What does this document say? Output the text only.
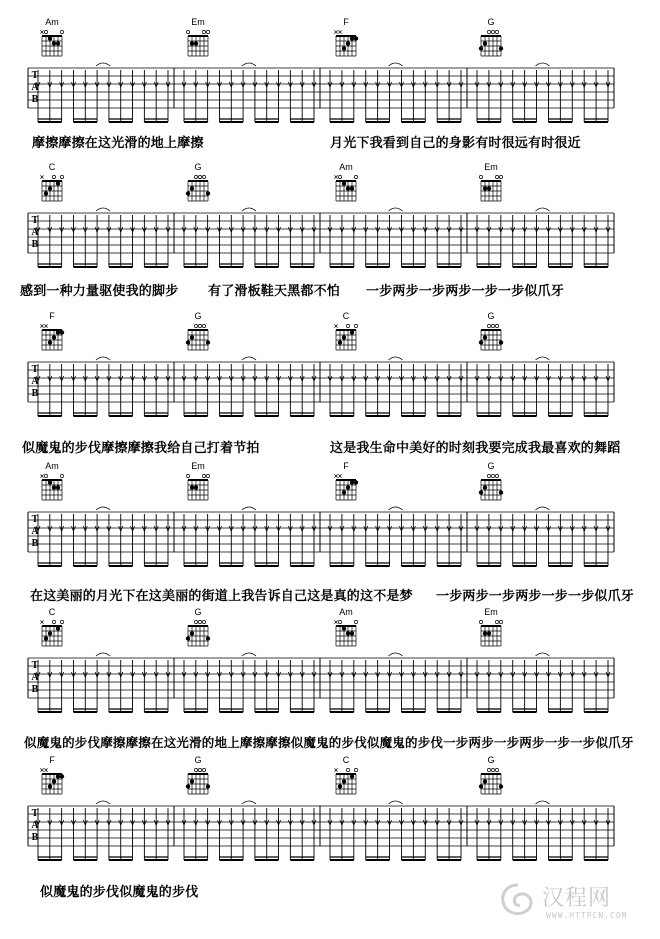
Am	Em	F	G
T
A
B
摩擦摩擦在这光滑的地上摩擦	月光下我看到自己的身影有时很远有时很近
C	G	Am	Em
T
A
B
感到一种力量驱使我的脚步 有了滑板鞋天黑都不怕 一步两步一步两步一步一步似爪牙
F	G	C	G
T
A
B
似魔鬼的步伐摩擦摩擦我给自己打着节拍	这是我生命中美好的时刻我要完成我最喜欢的舞蹈
Am	Em	F	G
T
A
B
在这美丽的月光下在这美丽的街道上我告诉自己这是真的这不是梦 一步两步一步两步一步一步似爪牙
C	G	Am	Em
T
A
B
似魔鬼的步伐摩擦摩擦在这光滑的地上摩擦摩擦似魔鬼的步伐似魔鬼的步伐一步两步一步两步一步一步似爪牙
F	G	C	G
T
A
B
似魔鬼的步伐似魔鬼的步伐	汉程网
WWW.HTTPCN.COM
